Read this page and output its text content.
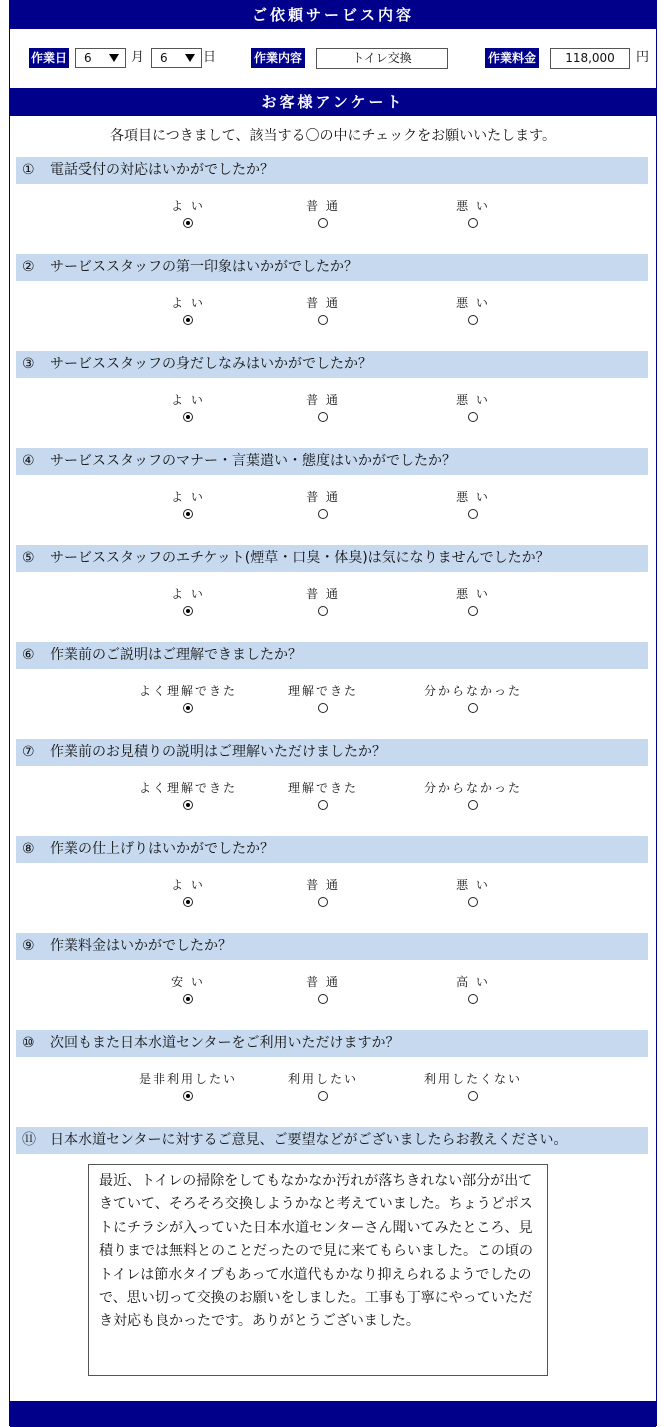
ご依頼サービス内容
作業日	6	月	6	日	作業内容	トイレ交換	作業料金	118,000	円
お客様アンケート
各項目につきまして、該当する〇の中にチェックをお願いいたします。
① 電話受付の対応はいかがでしたか？
よ い	普 通	悪 い
② サービススタッフの第一印象はいかがでしたか？
よ い	普 通	悪 い
③ サービススタッフの身だしなみはいかがでしたか？
よ い	普 通	悪 い
④ サービススタッフのマナー・言葉遣い・態度はいかがでしたか？
よ い	普 通	悪 い
⑤ サービススタッフのエチケット(煙草・口臭・体臭)は気になりませんでしたか？
よ い	普 通	悪 い
⑥ 作業前のご説明はご理解できましたか？
よく理解できた	理解できた	分からなかった
⑦ 作業前のお見積りの説明はご理解いただけましたか？
よく理解できた	理解できた	分からなかった
⑧ 作業の仕上げりはいかがでしたか？
よ い	普 通	悪 い
⑨ 作業料金はいかがでしたか？
安 い	普 通	高 い
⑩ 次回もまた日本水道センターをご利用いただけますか？
是非利用したい	利用したい	利用したくない
⑪ 日本水道センターに対するご意見、ご要望などがございましたらお教えください。
最近、トイレの掃除をしてもなかなか汚れが落ちきれない部分が出てきていて、そろそろ交換しようかなと考えていました。ちょうどポストにチラシが入っていた日本水道センターさん聞いてみたところ、見積りまでは無料とのことだったので見に来てもらいました。この頃のトイレは節水タイプもあって水道代もかなり抑えられるようでしたので、思い切って交換のお願いをしました。工事も丁寧にやっていただき対応も良かったです。ありがとうございました。
